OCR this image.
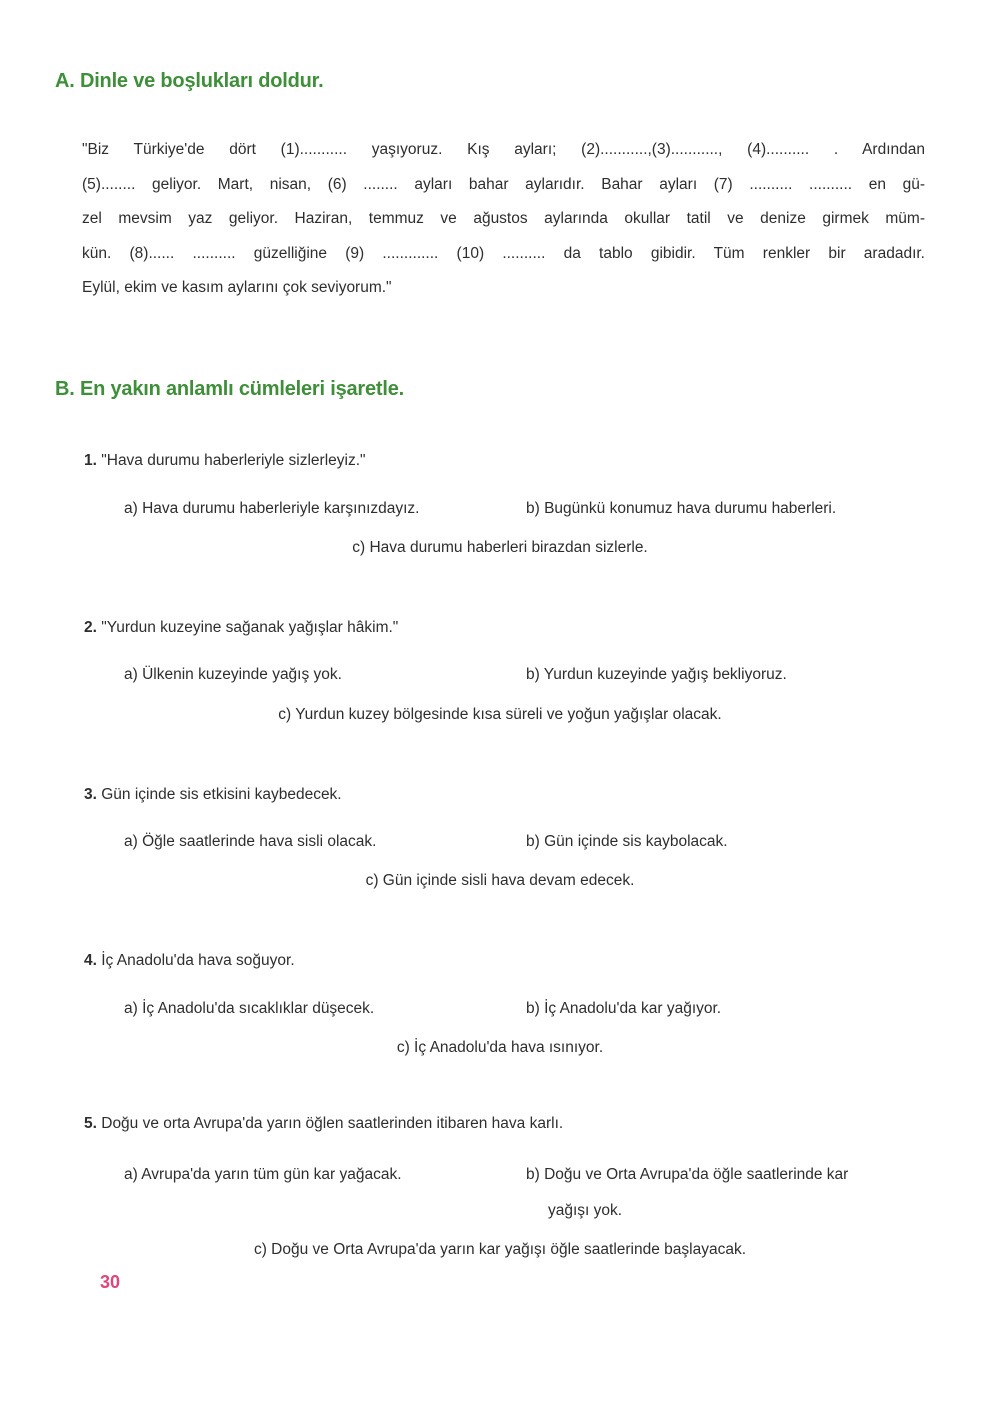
A. Dinle ve boşlukları doldur.
"Biz Türkiye'de dört (1)........... yaşıyoruz. Kış ayları; (2)...........,(3)..........., (4).......... . Ardından
(5)........ geliyor. Mart, nisan, (6) ........ ayları bahar aylarıdır. Bahar ayları (7) .......... .......... en gü-
zel mevsim yaz geliyor. Haziran, temmuz ve ağustos aylarında okullar tatil ve denize girmek müm-
kün. (8)...... .......... güzelliğine (9) ............. (10) .......... da tablo gibidir. Tüm renkler bir aradadır.
Eylül, ekim ve kasım aylarını çok seviyorum."
B. En yakın anlamlı cümleleri işaretle.
1. "Hava durumu haberleriyle sizlerleyiz."
a) Hava durumu haberleriyle karşınızdayız.	b) Bugünkü konumuz hava durumu haberleri.
c) Hava durumu haberleri birazdan sizlerle.
2. "Yurdun kuzeyine sağanak yağışlar hâkim."
a) Ülkenin kuzeyinde yağış yok.	b) Yurdun kuzeyinde yağış bekliyoruz.
c) Yurdun kuzey bölgesinde kısa süreli ve yoğun yağışlar olacak.
3. Gün içinde sis etkisini kaybedecek.
a) Öğle saatlerinde hava sisli olacak.	b) Gün içinde sis kaybolacak.
c) Gün içinde sisli hava devam edecek.
4. İç Anadolu'da hava soğuyor.
a) İç Anadolu'da sıcaklıklar düşecek.	b) İç Anadolu'da kar yağıyor.
c) İç Anadolu'da hava ısınıyor.
5. Doğu ve orta Avrupa'da yarın öğlen saatlerinden itibaren hava karlı.
a) Avrupa'da yarın tüm gün kar yağacak.	b) Doğu ve Orta Avrupa'da öğle saatlerinde kar
yağışı yok.
c) Doğu ve Orta Avrupa'da yarın kar yağışı öğle saatlerinde başlayacak.
30
